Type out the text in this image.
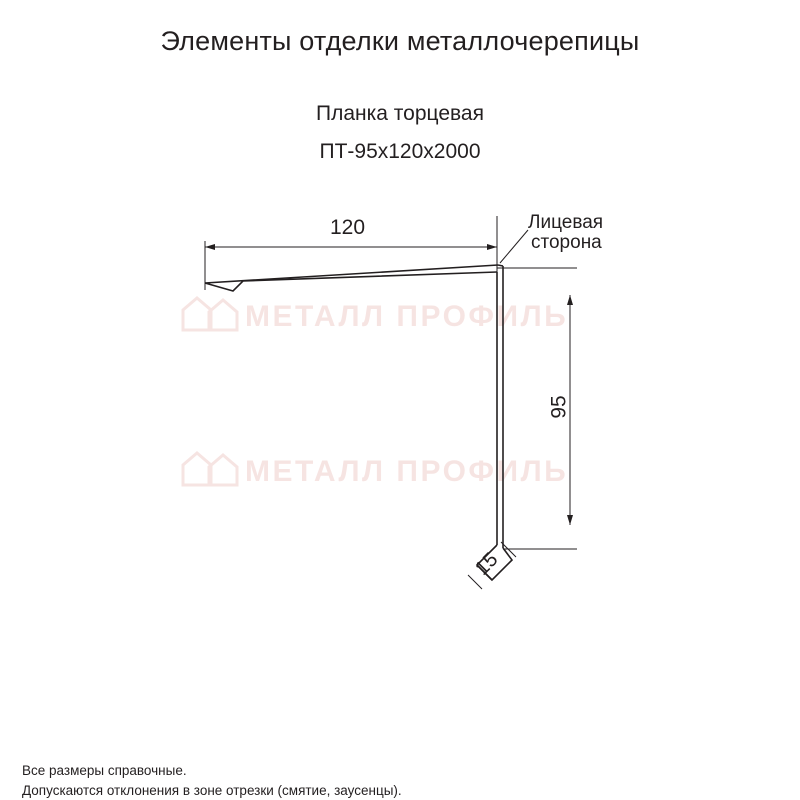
МЕТАЛЛ ПРОФИЛЬ
МЕТАЛЛ ПРОФИЛЬ
Элементы отделки металлочерепицы
Планка торцевая
ПТ-95x120x2000
120
95
15
Лицевая
сторона
Все размеры справочные.
Допускаются отклонения в зоне отрезки (смятие, заусенцы).
